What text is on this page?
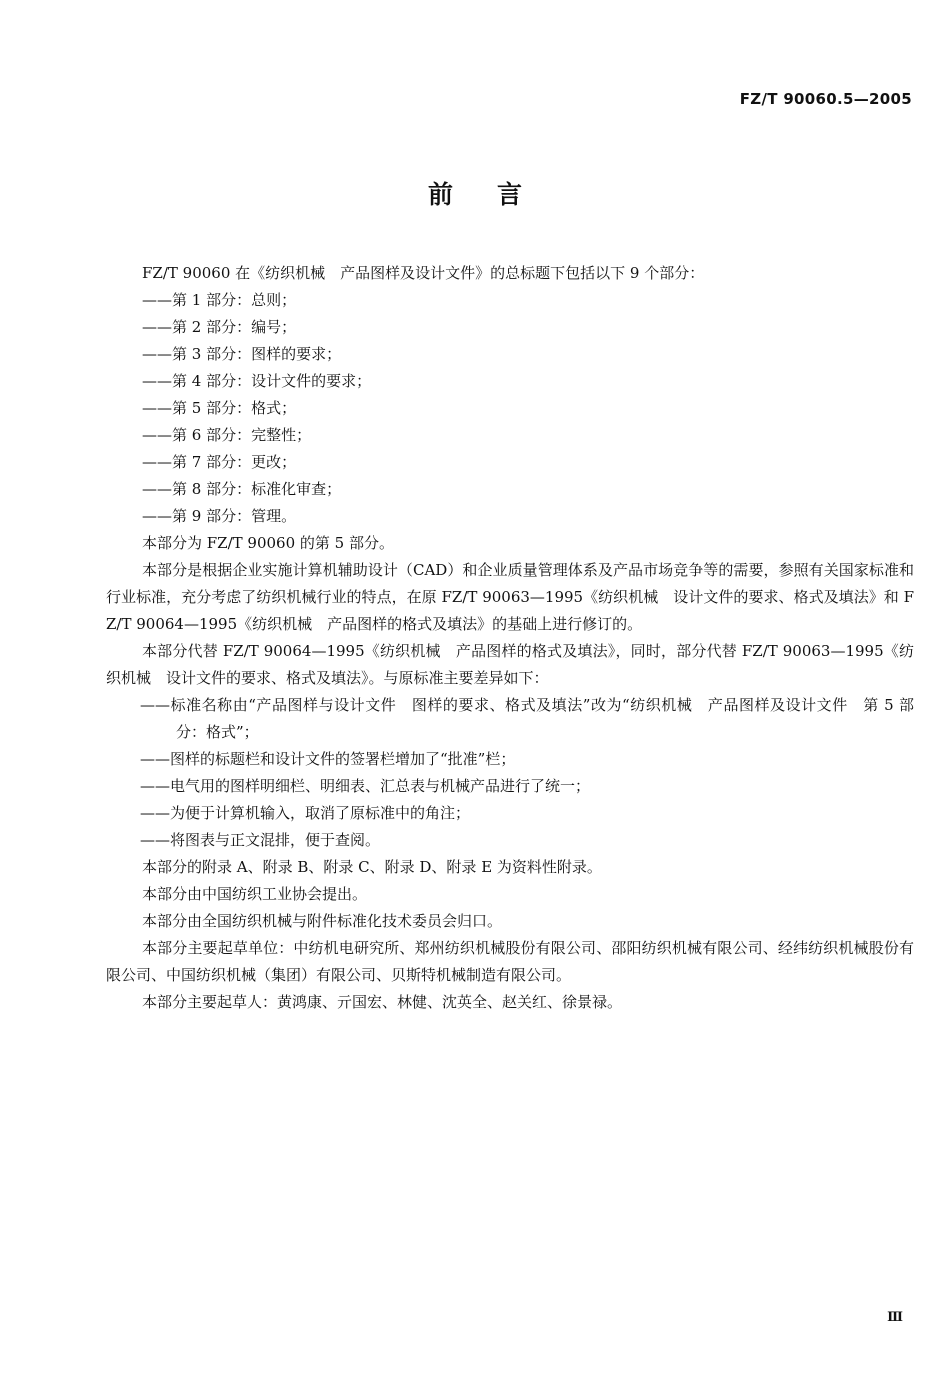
FZ/T 90060.5—2005
前言

FZ/T 90060 在《纺织机械　产品图样及设计文件》的总标题下包括以下 9 个部分：

——第 1 部分：总则；

——第 2 部分：编号；

——第 3 部分：图样的要求；

——第 4 部分：设计文件的要求；

——第 5 部分：格式；

——第 6 部分：完整性；

——第 7 部分：更改；

——第 8 部分：标准化审查；

——第 9 部分：管理。

本部分为 FZ/T 90060 的第 5 部分。

本部分是根据企业实施计算机辅助设计（CAD）和企业质量管理体系及产品市场竞争等的需要，参照有关国家标准和行业标准，充分考虑了纺织机械行业的特点，在原 FZ/T 90063—1995《纺织机械　设计文件的要求、格式及填法》和 FZ/T 90064—1995《纺织机械　产品图样的格式及填法》的基础上进行修订的。

本部分代替 FZ/T 90064—1995《纺织机械　产品图样的格式及填法》，同时，部分代替 FZ/T 90063—1995《纺织机械　设计文件的要求、格式及填法》。与原标准主要差异如下：

——标准名称由“产品图样与设计文件　图样的要求、格式及填法”改为“纺织机械　产品图样及设计文件　第 5 部分：格式”；

——图样的标题栏和设计文件的签署栏增加了“批准”栏；

——电气用的图样明细栏、明细表、汇总表与机械产品进行了统一；

——为便于计算机输入，取消了原标准中的角注；

——将图表与正文混排，便于查阅。

本部分的附录 A、附录 B、附录 C、附录 D、附录 E 为资料性附录。

本部分由中国纺织工业协会提出。

本部分由全国纺织机械与附件标准化技术委员会归口。

本部分主要起草单位：中纺机电研究所、郑州纺织机械股份有限公司、邵阳纺织机械有限公司、经纬纺织机械股份有限公司、中国纺织机械（集团）有限公司、贝斯特机械制造有限公司。

本部分主要起草人：黄鸿康、亓国宏、林健、沈英全、赵关红、徐景禄。

Ⅲ
